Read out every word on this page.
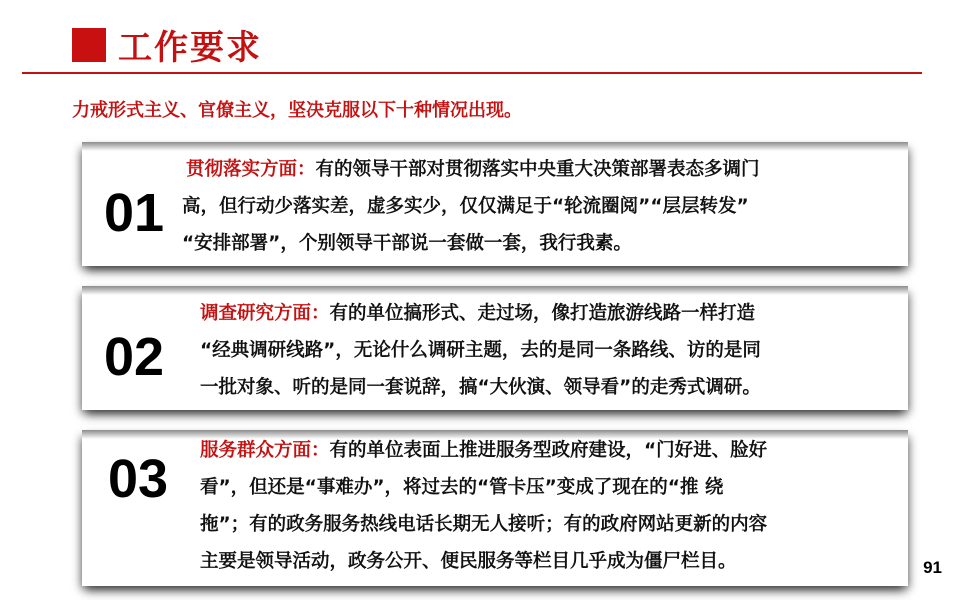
工作要求
力戒形式主义、官僚主义，坚决克服以下十种情况出现。
01
贯彻落实方面：有的领导干部对贯彻落实中央重大决策部署表态多调门
高，但行动少落实差，虚多实少，仅仅满足于“轮流圈阅”“层层转发”
“安排部署”，个别领导干部说一套做一套，我行我素。
02
调查研究方面：有的单位搞形式、走过场，像打造旅游线路一样打造
“经典调研线路”，无论什么调研主题，去的是同一条路线、访的是同
一批对象、听的是同一套说辞，搞“大伙演、领导看”的走秀式调研。
03 服务群众方面：有的单位表面上推进服务型政府建设，“门好进、脸好
看”，但还是“事难办”，将过去的“管卡压”变成了现在的“推 绕
拖”；有的政务服务热线电话长期无人接听；有的政府网站更新的内容
主要是领导活动，政务公开、便民服务等栏目几乎成为僵尸栏目。	91
